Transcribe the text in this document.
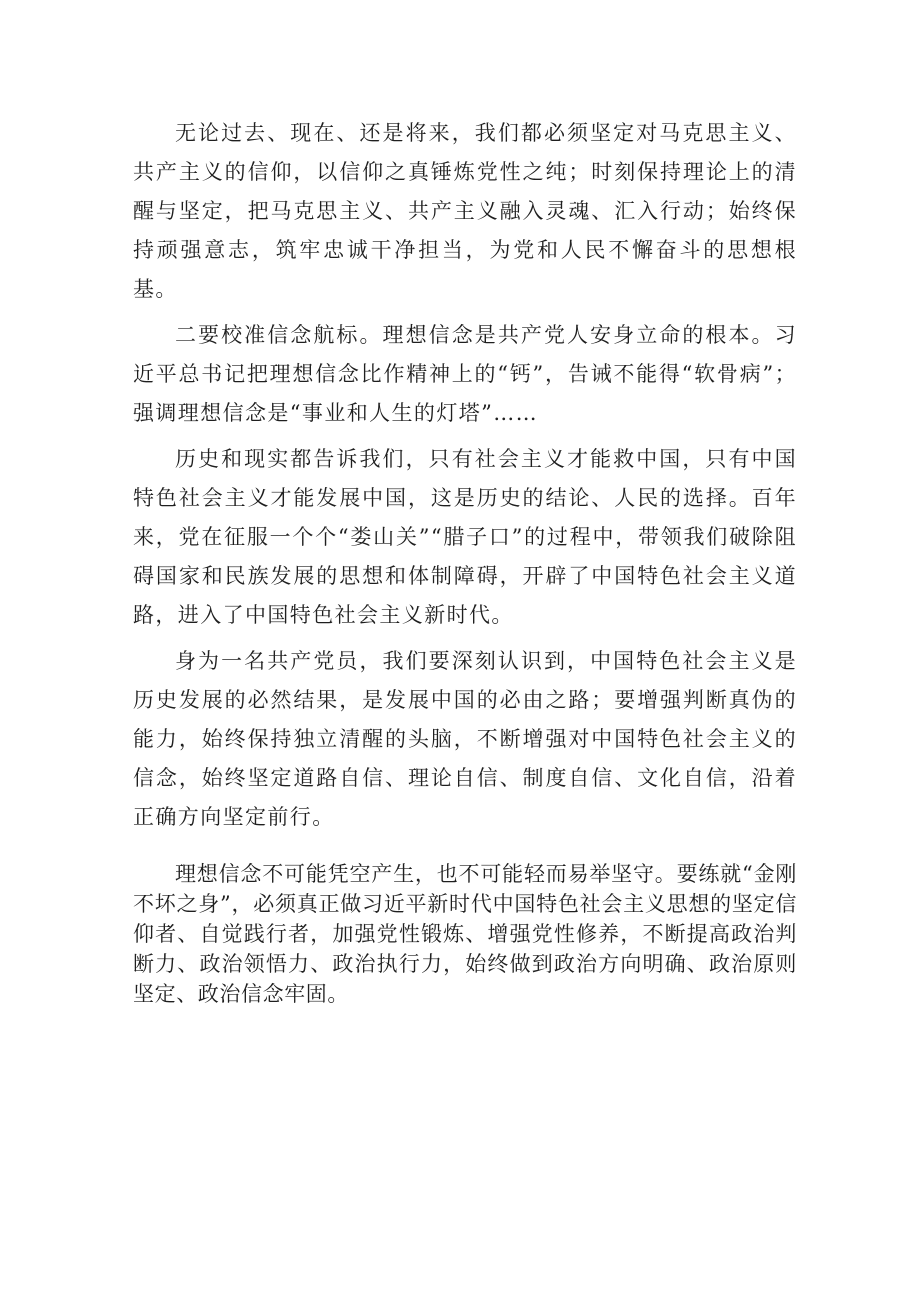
无论过去、现在、还是将来，我们都必须坚定对马克思主义、共产主义的信仰，以信仰之真锤炼党性之纯；时刻保持理论上的清醒与坚定，把马克思主义、共产主义融入灵魂、汇入行动；始终保持顽强意志，筑牢忠诚干净担当，为党和人民不懈奋斗的思想根基。

二要校准信念航标。理想信念是共产党人安身立命的根本。习近平总书记把理想信念比作精神上的“钙”，告诫不能得“软骨病”；强调理想信念是“事业和人生的灯塔”……

历史和现实都告诉我们，只有社会主义才能救中国，只有中国特色社会主义才能发展中国，这是历史的结论、人民的选择。百年来，党在征服一个个“娄山关”“腊子口”的过程中，带领我们破除阻碍国家和民族发展的思想和体制障碍，开辟了中国特色社会主义道路，进入了中国特色社会主义新时代。

身为一名共产党员，我们要深刻认识到，中国特色社会主义是历史发展的必然结果，是发展中国的必由之路；要增强判断真伪的能力，始终保持独立清醒的头脑，不断增强对中国特色社会主义的信念，始终坚定道路自信、理论自信、制度自信、文化自信，沿着正确方向坚定前行。

理想信念不可能凭空产生，也不可能轻而易举坚守。要练就“金刚不坏之身”，必须真正做习近平新时代中国特色社会主义思想的坚定信仰者、自觉践行者，加强党性锻炼、增强党性修养，不断提高政治判断力、政治领悟力、政治执行力，始终做到政治方向明确、政治原则坚定、政治信念牢固。
